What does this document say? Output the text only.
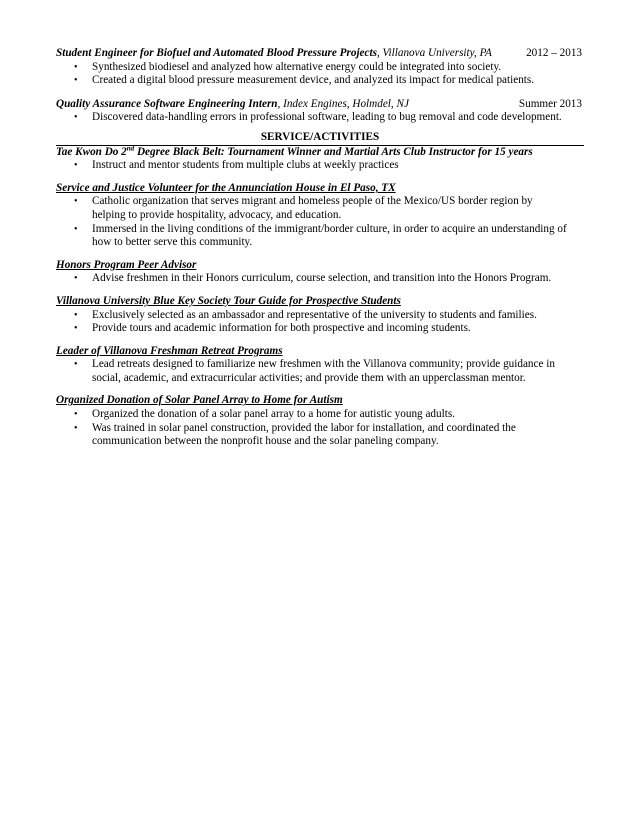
Student Engineer for Biofuel and Automated Blood Pressure Projects, Villanova University, PA	2012 – 2013
• Synthesized biodiesel and analyzed how alternative energy could be integrated into society.
• Created a digital blood pressure measurement device, and analyzed its impact for medical patients.
Quality Assurance Software Engineering Intern, Index Engines, Holmdel, NJ	Summer 2013
• Discovered data-handling errors in professional software, leading to bug removal and code development.
SERVICE/ACTIVITIES
Tae Kwon Do 2nd Degree Black Belt: Tournament Winner and Martial Arts Club Instructor for 15 years
• Instruct and mentor students from multiple clubs at weekly practices
Service and Justice Volunteer for the Annunciation House in El Paso, TX
• Catholic organization that serves migrant and homeless people of the Mexico/US border region by
helping to provide hospitality, advocacy, and education.
• Immersed in the living conditions of the immigrant/border culture, in order to acquire an understanding of
how to better serve this community.
Honors Program Peer Advisor
• Advise freshmen in their Honors curriculum, course selection, and transition into the Honors Program.
Villanova University Blue Key Society Tour Guide for Prospective Students
• Exclusively selected as an ambassador and representative of the university to students and families.
• Provide tours and academic information for both prospective and incoming students.
Leader of Villanova Freshman Retreat Programs
• Lead retreats designed to familiarize new freshmen with the Villanova community; provide guidance in
social, academic, and extracurricular activities; and provide them with an upperclassman mentor.
Organized Donation of Solar Panel Array to Home for Autism
• Organized the donation of a solar panel array to a home for autistic young adults.
• Was trained in solar panel construction, provided the labor for installation, and coordinated the
communication between the nonprofit house and the solar paneling company.
